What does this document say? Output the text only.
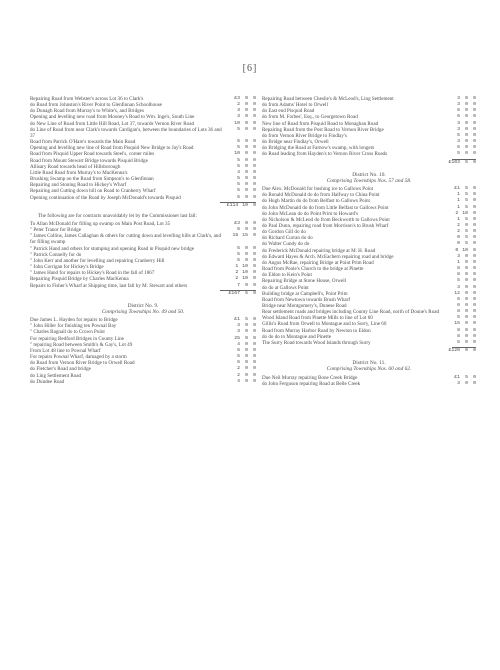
[6]
Repairing Road from Webster's across Lot 36 to Clark's	£3 0 0
do Road from Johnston's River Point to Glenfinnan Schoolhouse	2 0 0
do Dunagh Road from Murray's to White's, and Bridges	3 0 0
Opening and levelling new road from Mooney's Road to Wm. Inge's, South Line	3 0 0
do New Line of Road from Little Hill Road, Lot 37, towards Vernon River Road	10 0 0
do Line of Road from near Clark's towards Cardigan's, between the boundaries of Lots 36 and 37
5 0 0
Road from Patrick O'Hare's towards the Main Road	5 0 0
Opening and levelling new line of Road from Pisquid New Bridge to Jay's Road	5 0 0
Road from Pisquid Upper Road towards Steel's, corner miles	10 0 0
Road from Mount Stewart Bridge towards Pisquid Bridge	5 0 0
Allisary Road towards head of Hillsborough	5 0 0
Little Road Road from Murray's to MacKenna's	4 0 0
Brushing Swamp on the Road from Simpson's to Glenfinnan	5 0 0
Repairing and Stoning Road to Hickey's Wharf	5 0 0
Repairing and Cutting down hill on Road to Cranberry Wharf	5 0 0
Opening continuation of the Road by Joseph McDonald's towards Pisquid	5 0 0
£114 10 0
The following are for contracts unavoidably let by the Commissioner last fall:
To Allan McDonald for filling up swamp on Main Post Road, Lot 35	£3 0 0
" Peter Tranor for Bridge	6 0 0
" James Collins, James Callaghan & others for cutting down and levelling hills at Clark's, and for filling swamp
15 15 0
" Patrick Hand and others for stumping and opening Road in Pisquid new bridge	5 0 0
" Patrick Connelly for do	5 0 0
" John Kerr and another for levelling and repairing Cranberry Hill	5 0 0
" John Corrigan for Hickey's Bridge	1 10 0
" James Hand for repairs to Hickey's Road in the fall of 1867	2 10 0
Repairing Pisquid Bridge by Charles MacKenna	2 10 0
Repairs to Fisher's Wharf at Shipping time, last fall by M. Stewart and others	7 0 0
£167 5 0
District No. 9.
Comprising Townships No. 49 and 50.
Due James L. Hayden for repairs to Bridge	£1 5 0
" John Hiller for finishing ten Pownal Bay	3 0 0
" Charles Bagnall do to Crown Point	3 0 0
For repairing Bedford Bridges in County Line	25 0 0
" repairing Road between Smith's & Gay's, Lot 49	4 0 0
From Lot 48 line to Pownal Wharf	6 0 0
For repairs Pownal Wharf, damaged by a storm	5 0 0
do Road from Vernon River Bridge to Orwell Road	6 0 0
do Fletcher's Road and bridge	2 0 0
do Ling Settlement Road	2 0 0
do Dundee Road	4 0 0
Repairing Road between Cheslie's & McLeod's, Ling Settlement	3 0 0
do from Adams' Hotel to Orwell	3 0 0
do East end Pisquid Road	6 0 0
do from M. Forbes', Esq., to Georgetown Road	6 0 0
New line of Road from Pisquid Road to Monaghan Road	3 0 0
Repairing Road from the Post Road to Vernon River Bridge	3 0 0
do from Vernon River Bridge to Findlay's	5 0 0
do Bridge near Findlay's, Orwell	3 0 0
do Bridging the Road at Farnow's swamp, with longers	6 0 0
do Road leading from Hayden's to Vernon River Cross Roads	5 0 0
£103 5 0
District No. 10.
Comprising Townships Nos. 57 and 58.
Due Alex. McDonald for bushing ice to Gallows Point	£1 5 0
do Ronald McDonald do do from Halfway to China Point	1 5 0
do Hugh Martin do do from Belfast to Gallows Point	1 5 0
do John McDonald do do from Little Belfast to Gallows Point	1 5 0
do John McLean do do Point Prim to Howard's	2 10 0
do Nicholson & McLeod do from Beckworth to Gallows Point	1 5 0
do Paul Dunn, repairing road from Morrison's to Brush Wharf	2 0 0
do Gordon Gill do do	2 5 0
do Richard Curran do do	0 5 0
do Walter Cundy do do	0 5 0
do Frederick McDonald repairing bridge at M. H. Road	0 10 0
do Edward Hayes & Arch. McEachern repairing road and bridge	3 0 0
do Angus McRae, repairing Bridge at Point Prim Road	1 0 0
Road from Poole's Church to the bridge at Pinette	8 0 0
do Eldon to Kein's Point	8 0 0
Repairing Bridge at Stone House, Orwell	5 0 0
do do at Gallows Point	3 0 0
Building bridge at Campbell's, Point Prim	12 0 0
Road from Newtown towards Brush Wharf	6 0 0
Bridge near Montgomery's, Dunese Road	6 0 0
Rear settlement roads and bridges including County Line Road, north of Doune's Road	8 0 0
Wood Island Road from Pinette Mills to line of Lot 60	5 0 0
Gillis's Road from Orwell to Montague and to Surry, Line 60	15 0 0
Road from Murray Harbor Road by Newton to Eldon	8 0 0
do do do to Montague and Pinette	8 0 0
The Surry Road towards Wood Islands through Surry	5 0 0
£120 0 0
District No. 11.
Comprising Townships Nos. 60 and 62.
Due Neil Murray repairing Bone Creek Bridge	£1 5 0
do John Ferguson repairing Road at Belle Creek	3 0 0
